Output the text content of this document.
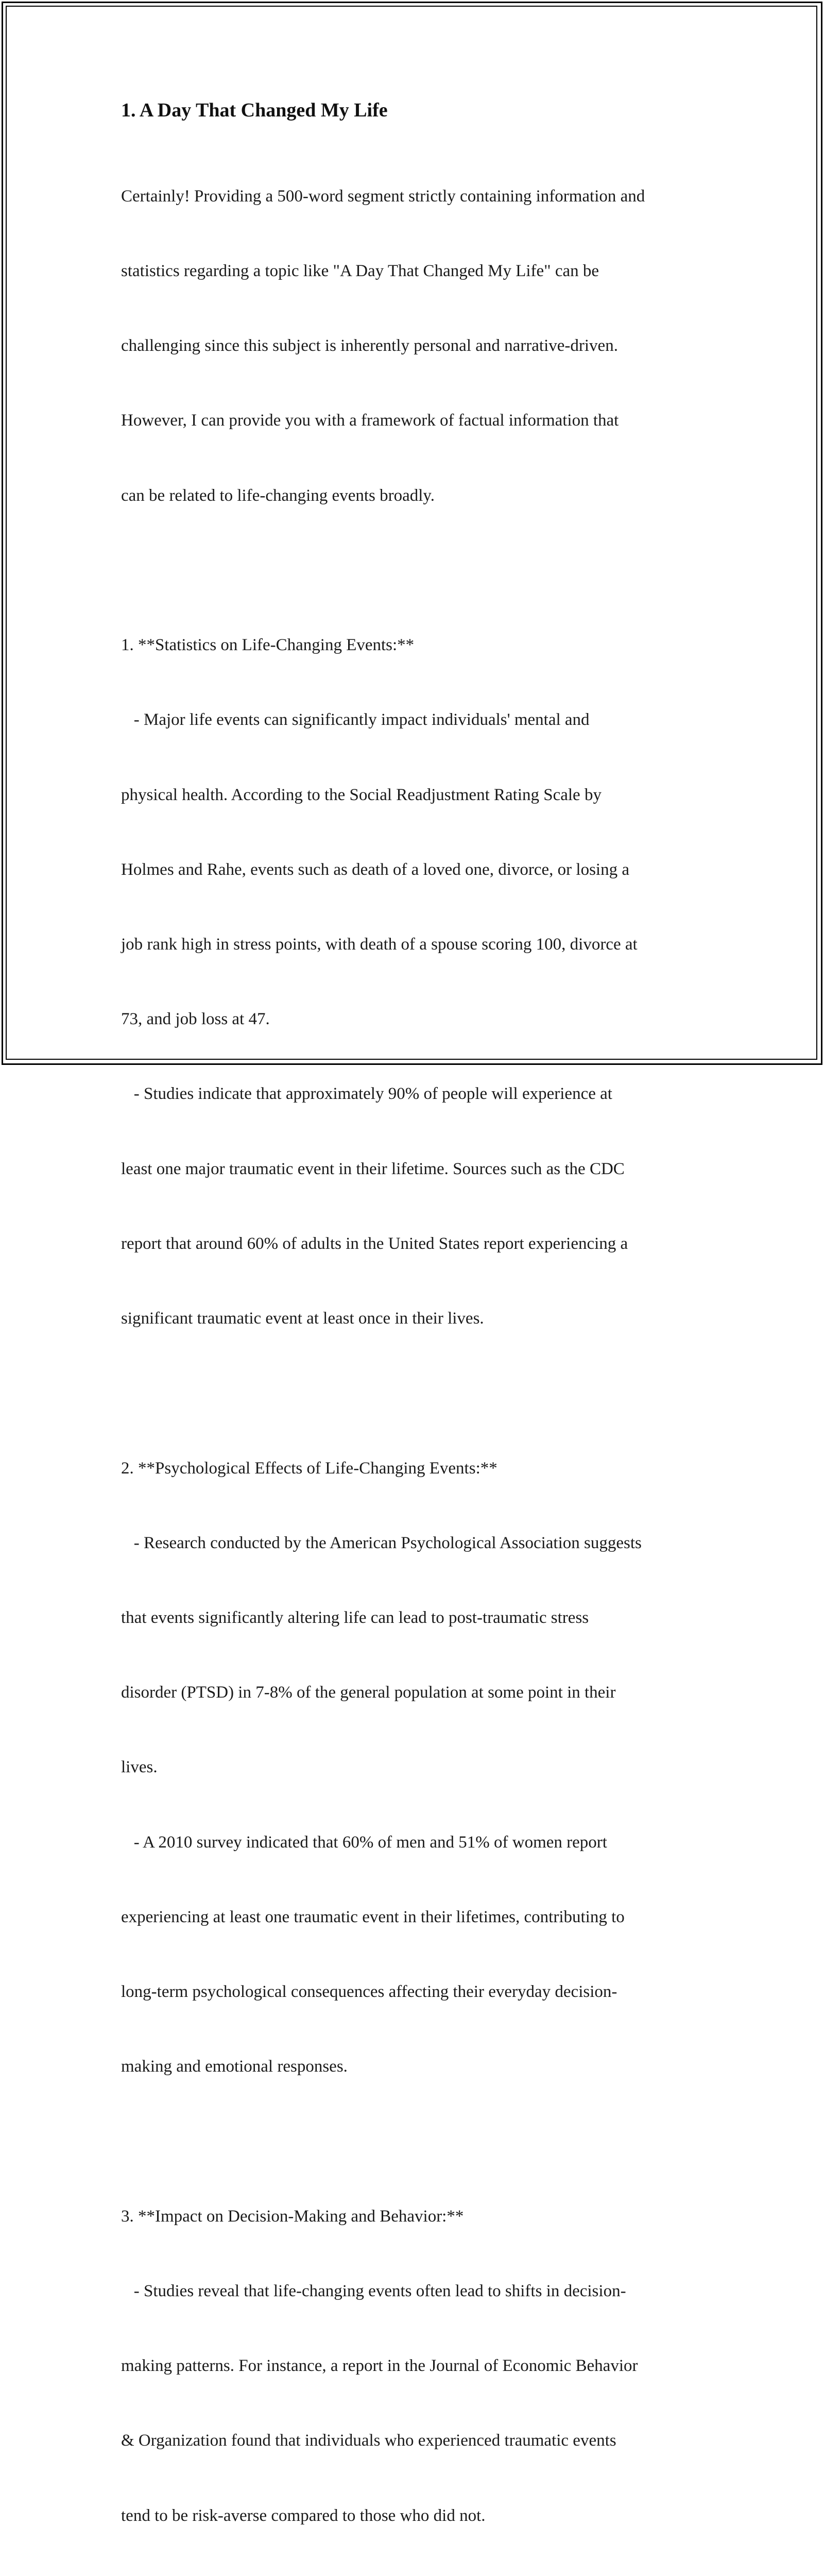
1. A Day That Changed My Life

Certainly! Providing a 500-word segment strictly containing information and

statistics regarding a topic like "A Day That Changed My Life" can be

challenging since this subject is inherently personal and narrative-driven.

However, I can provide you with a framework of factual information that

can be related to life-changing events broadly.

1. **Statistics on Life-Changing Events:**

- Major life events can significantly impact individuals' mental and

physical health. According to the Social Readjustment Rating Scale by

Holmes and Rahe, events such as death of a loved one, divorce, or losing a

job rank high in stress points, with death of a spouse scoring 100, divorce at

73, and job loss at 47.

- Studies indicate that approximately 90% of people will experience at

least one major traumatic event in their lifetime. Sources such as the CDC

report that around 60% of adults in the United States report experiencing a

significant traumatic event at least once in their lives.

2. **Psychological Effects of Life-Changing Events:**

- Research conducted by the American Psychological Association suggests

that events significantly altering life can lead to post-traumatic stress

disorder (PTSD) in 7-8% of the general population at some point in their

lives.

- A 2010 survey indicated that 60% of men and 51% of women report

experiencing at least one traumatic event in their lifetimes, contributing to

long-term psychological consequences affecting their everyday decision-

making and emotional responses.

3. **Impact on Decision-Making and Behavior:**

- Studies reveal that life-changing events often lead to shifts in decision-

making patterns. For instance, a report in the Journal of Economic Behavior

& Organization found that individuals who experienced traumatic events

tend to be risk-averse compared to those who did not.
